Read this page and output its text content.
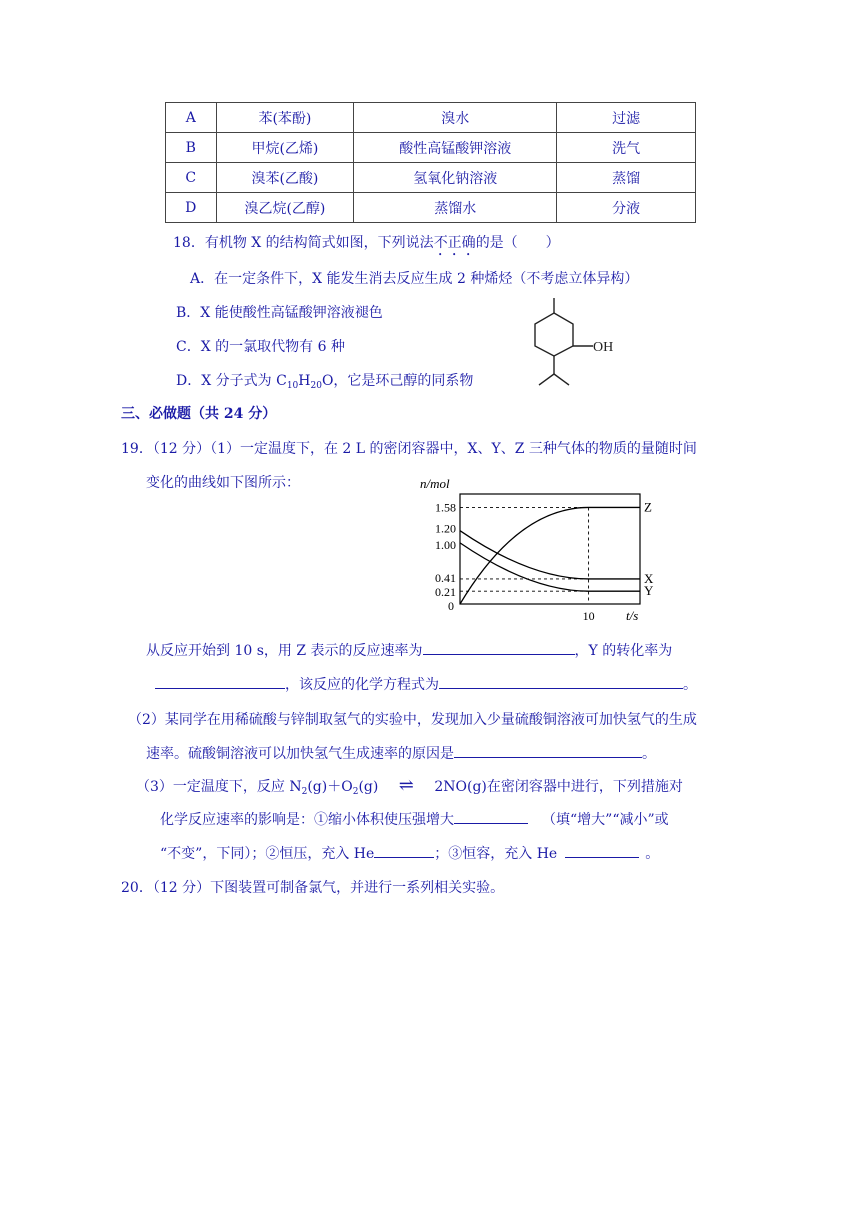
A	苯(苯酚)	溴水	过滤
B	甲烷(乙烯)	酸性高锰酸钾溶液	洗气
C	溴苯(乙酸)	氢氧化钠溶液	蒸馏
D	溴乙烷(乙醇)	蒸馏水	分液
18．有机物 X 的结构简式如图，下列说法不正确的是（　　）
A．在一定条件下，X 能发生消去反应生成 2 种烯烃（不考虑立体异构）
B．X 能使酸性高锰酸钾溶液褪色
C．X 的一氯取代物有 6 种
D．X 分子式为 $C_{10}H_{20}O$，它是环己醇的同系物
OH
三、必做题（共 24 分）
19．（12 分）（1）一定温度下，在 2 L 的密闭容器中，X、Y、Z 三种气体的物质的量随时间
变化的曲线如下图所示：
0.21
0.41
1.00
1.20
1.58
0
10
n/mol
t/s
Z
X
Y
从反应开始到 10 s，用 Z 表示的反应速率为	，Y 的转化率为
，该反应的化学方程式为	。
（2）某同学在用稀硫酸与锌制取氢气的实验中，发现加入少量硫酸铜溶液可加快氢气的生成
速率。硫酸铜溶液可以加快氢气生成速率的原因是	。
（3）一定温度下，反应 $N_2(g)+O_2(g)$ ⇌ 2NO(g)在密闭容器中进行，下列措施对
化学反应速率的影响是：①缩小体积使压强增大	（填“增大”“减小”或
“不变”，下同）；②恒压，充入 He	；③恒容，充入 He	。
20．（12 分）下图装置可制备氯气，并进行一系列相关实验。
